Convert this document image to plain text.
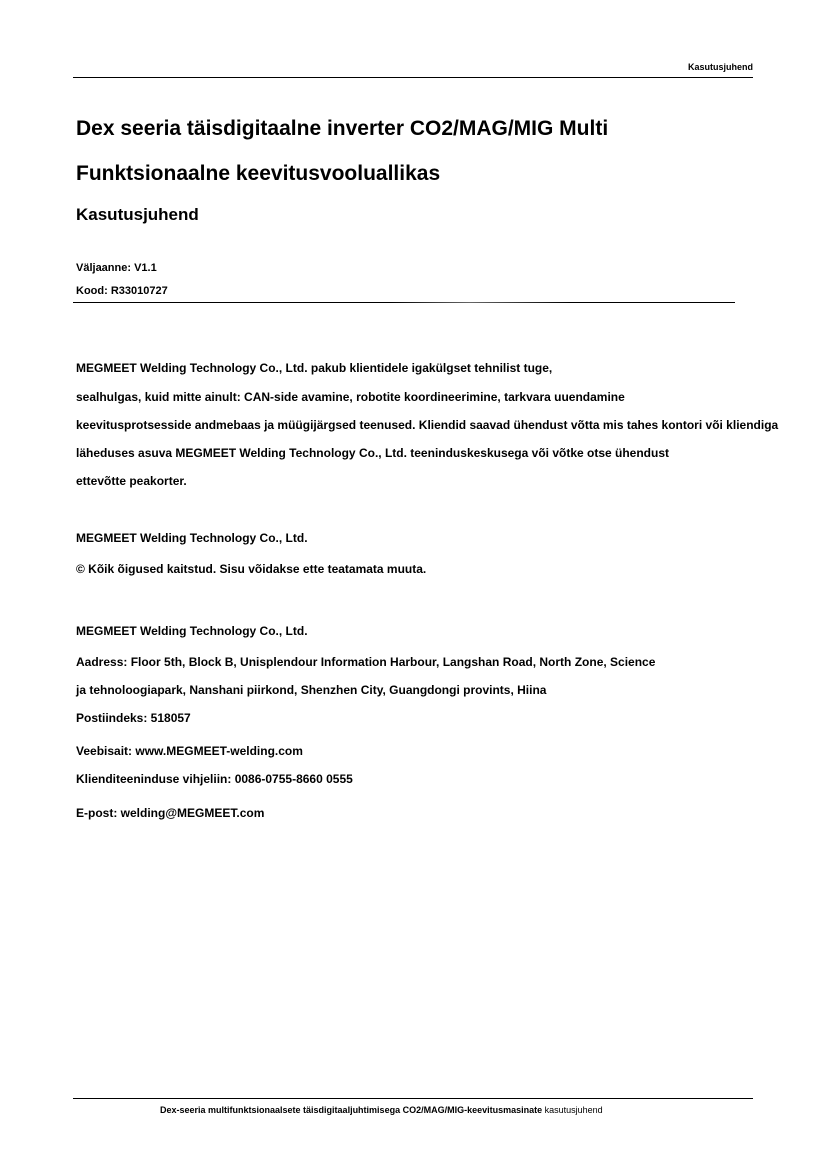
Kasutusjuhend
Dex seeria täisdigitaalne inverter CO2/MAG/MIG Multi
Funktsionaalne keevitusvooluallikas
Kasutusjuhend
Väljaanne: V1.1
Kood: R33010727
MEGMEET Welding Technology Co., Ltd. pakub klientidele igakülgset tehnilist tuge,
sealhulgas, kuid mitte ainult: CAN-side avamine, robotite koordineerimine, tarkvara uuendamine
keevitusprotsesside andmebaas ja müügijärgsed teenused. Kliendid saavad ühendust võtta mis tahes kontori või kliendiga
läheduses asuva MEGMEET Welding Technology Co., Ltd. teeninduskeskusega või võtke otse ühendust
ettevõtte peakorter.
MEGMEET Welding Technology Co., Ltd.
© Kõik õigused kaitstud. Sisu võidakse ette teatamata muuta.
MEGMEET Welding Technology Co., Ltd.
Aadress: Floor 5th, Block B, Unisplendour Information Harbour, Langshan Road, North Zone, Science
ja tehnoloogiapark, Nanshani piirkond, Shenzhen City, Guangdongi provints, Hiina
Postiindeks: 518057
Veebisait: www.MEGMEET-welding.com
Klienditeeninduse vihjeliin: 0086-0755-8660 0555
E-post: welding@MEGMEET.com
Dex-seeria multifunktsionaalsete täisdigitaaljuhtimisega CO2/MAG/MIG-keevitusmasinate kasutusjuhend
